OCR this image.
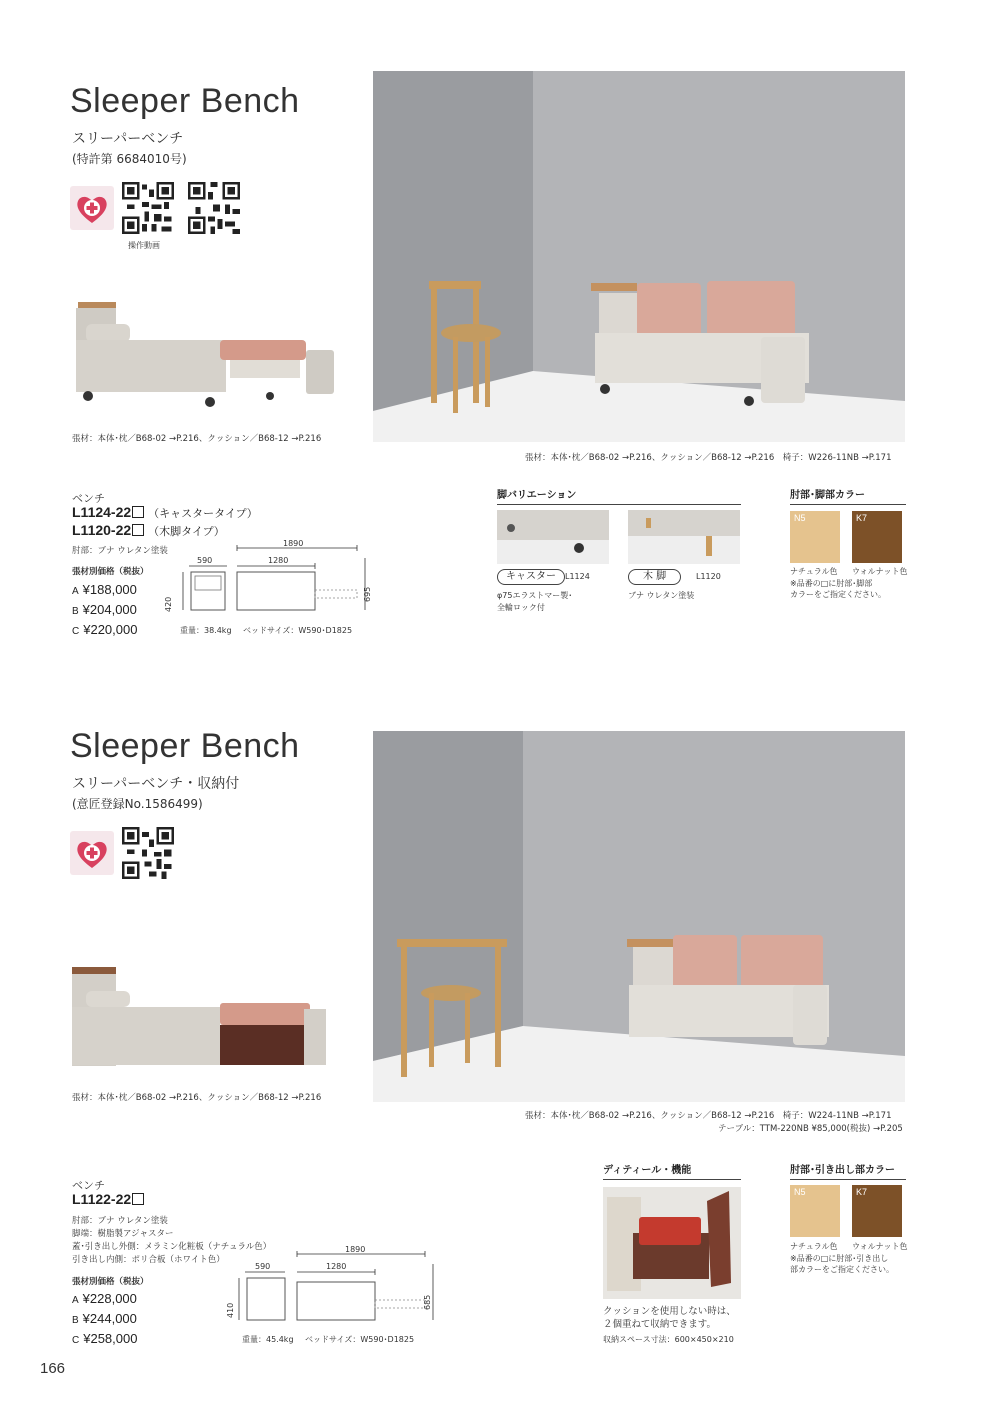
Sleeper Bench
スリーパーベンチ
(特許第 6684010号)
操作動画
張材：本体･枕／B68-02 →P.216、クッション／B68-12 →P.216
張材：本体･枕／B68-02 →P.216、クッション／B68-12 →P.216　椅子：W226-11NB →P.171
ベンチ
L1124-22 （キャスタータイプ）
L1120-22 （木脚タイプ）
肘部：ブナ ウレタン塗装
張材別価格（税抜）
A ¥188,000
B ¥204,000
C ¥220,000
1890
590	1280
420
695
重量：38.4kg ベッドサイズ：W590･D1825
脚バリエーション
キャスター	L1124
φ75エラストマー製･
全輪ロック付
木 脚	L1120
ブナ ウレタン塗装
肘部･脚部カラー
N5	K7
ナチュラル色 ウォルナット色
※品番の□に肘部･脚部
カラーをご指定ください。
Sleeper Bench
スリーパーベンチ・収納付
(意匠登録No.1586499)
張材：本体･枕／B68-02 →P.216、クッション／B68-12 →P.216
張材：本体･枕／B68-02 →P.216、クッション／B68-12 →P.216　椅子：W224-11NB →P.171
テーブル：TTM-220NB ¥85,000(税抜) →P.205
ベンチ
L1122-22
肘部：ブナ ウレタン塗装
脚端：樹脂製アジャスター
蓋･引き出し外側：メラミン化粧板（ナチュラル色）
引き出し内側：ポリ合板（ホワイト色）
張材別価格（税抜）
A ¥228,000
B ¥244,000
C ¥258,000
1890
590	1280
410
685
重量：45.4kg ベッドサイズ：W590･D1825
ディティール・機能
クッションを使用しない時は、
２個重ねて収納できます。
収納スペース寸法：600×450×210
肘部･引き出し部カラー
N5	K7
ナチュラル色 ウォルナット色
※品番の□に肘部･引き出し
部カラーをご指定ください。
166
